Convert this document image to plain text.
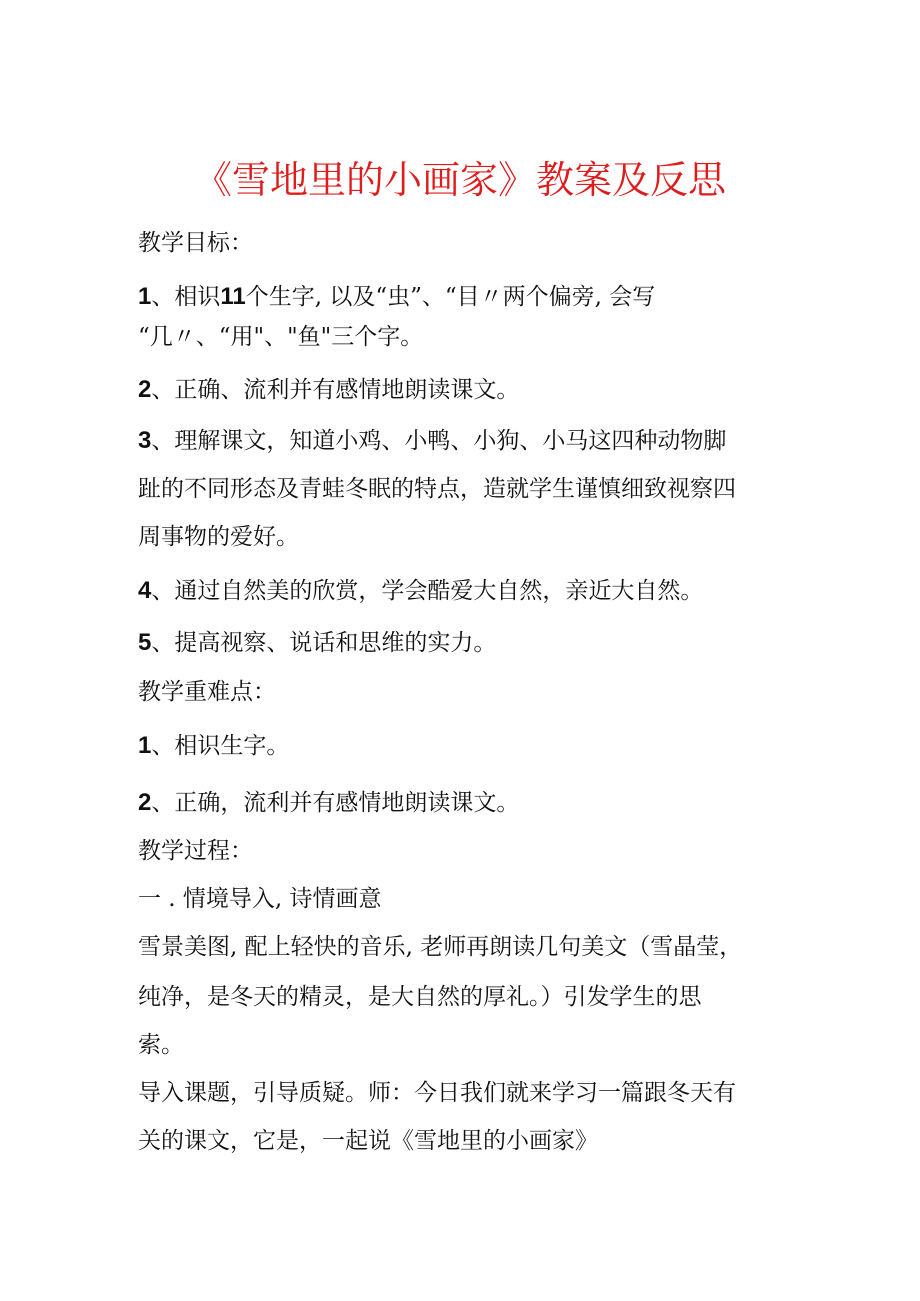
《雪地里的小画家》教案及反思
教学目标：
1、相识11个生字, 以及“虫”、“目〃两个偏旁, 会写
“几〃、“用"、"鱼"三个字。
2、正确、流利并有感情地朗读课文。
3、理解课文，知道小鸡、小鸭、小狗、小马这四种动物脚
趾的不同形态及青蛙冬眠的特点，造就学生谨慎细致视察四
周事物的爱好。
4、通过自然美的欣赏，学会酷爱大自然，亲近大自然。
5、提高视察、说话和思维的实力。
教学重难点：
1、相识生字。
2、正确，流利并有感情地朗读课文。
教学过程：
一 . 情境导入, 诗情画意
雪景美图, 配上轻快的音乐, 老师再朗读几句美文（雪晶莹，
纯净，是冬天的精灵，是大自然的厚礼。）引发学生的思
索。
导入课题，引导质疑。师：今日我们就来学习一篇跟冬天有
关的课文，它是，一起说《雪地里的小画家》
